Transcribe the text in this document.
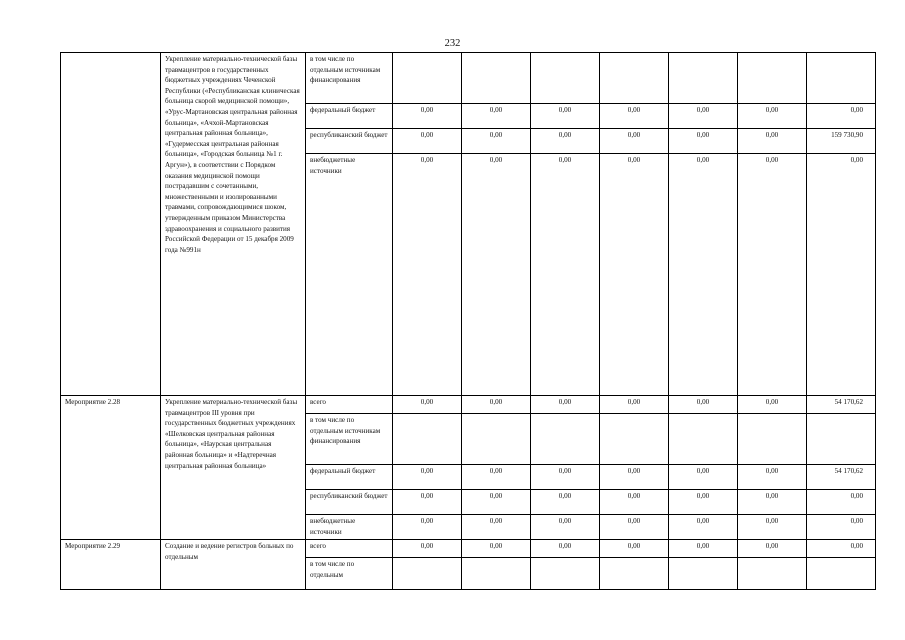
232
	Укрепление материально-технической базы травмацентров в государственных бюджетных учреждениях Чеченской Республики («Республиканская клиническая больница скорой медицинской помощи», «Урус-Мартановская центральная районная больница», «Ачхой-Мартановская центральная районная больница», «Гудермесская центральная районная больница», «Городская больница №1 г. Аргун»), в соответствии с Порядком оказания медицинской помощи пострадавшим с сочетанными, множественными и изолированными травмами, сопровождающимися шоком, утвержденным приказом Министерства здравоохранения и социального развития Российской Федерации от 15 декабря 2009 года №991н	в том числе по отдельным источникам финансирования							
		федеральный бюджет	0,00	0,00	0,00	0,00	0,00	0,00	0,00
		республиканский бюджет	0,00	0,00	0,00	0,00	0,00	0,00	159 730,90
		внебюджетные источники	0,00	0,00	0,00	0,00	0,00	0,00	0,00
Мероприятие 2.28	Укрепление материально-технической базы травмацентров III уровня при государственных бюджетных учреждениях «Шелковская центральная районная больница», «Наурская центральная районная больница» и «Надтеречная центральная районная больница»	всего	0,00	0,00	0,00	0,00	0,00	0,00	54 170,62
		в том числе по отдельным источникам финансирования							
		федеральный бюджет	0,00	0,00	0,00	0,00	0,00	0,00	54 170,62
		республиканский бюджет	0,00	0,00	0,00	0,00	0,00	0,00	0,00
		внебюджетные источники	0,00	0,00	0,00	0,00	0,00	0,00	0,00
Мероприятие 2.29	Создание и ведение регистров больных по отдельным	всего	0,00	0,00	0,00	0,00	0,00	0,00	0,00
		в том числе по отдельным							
